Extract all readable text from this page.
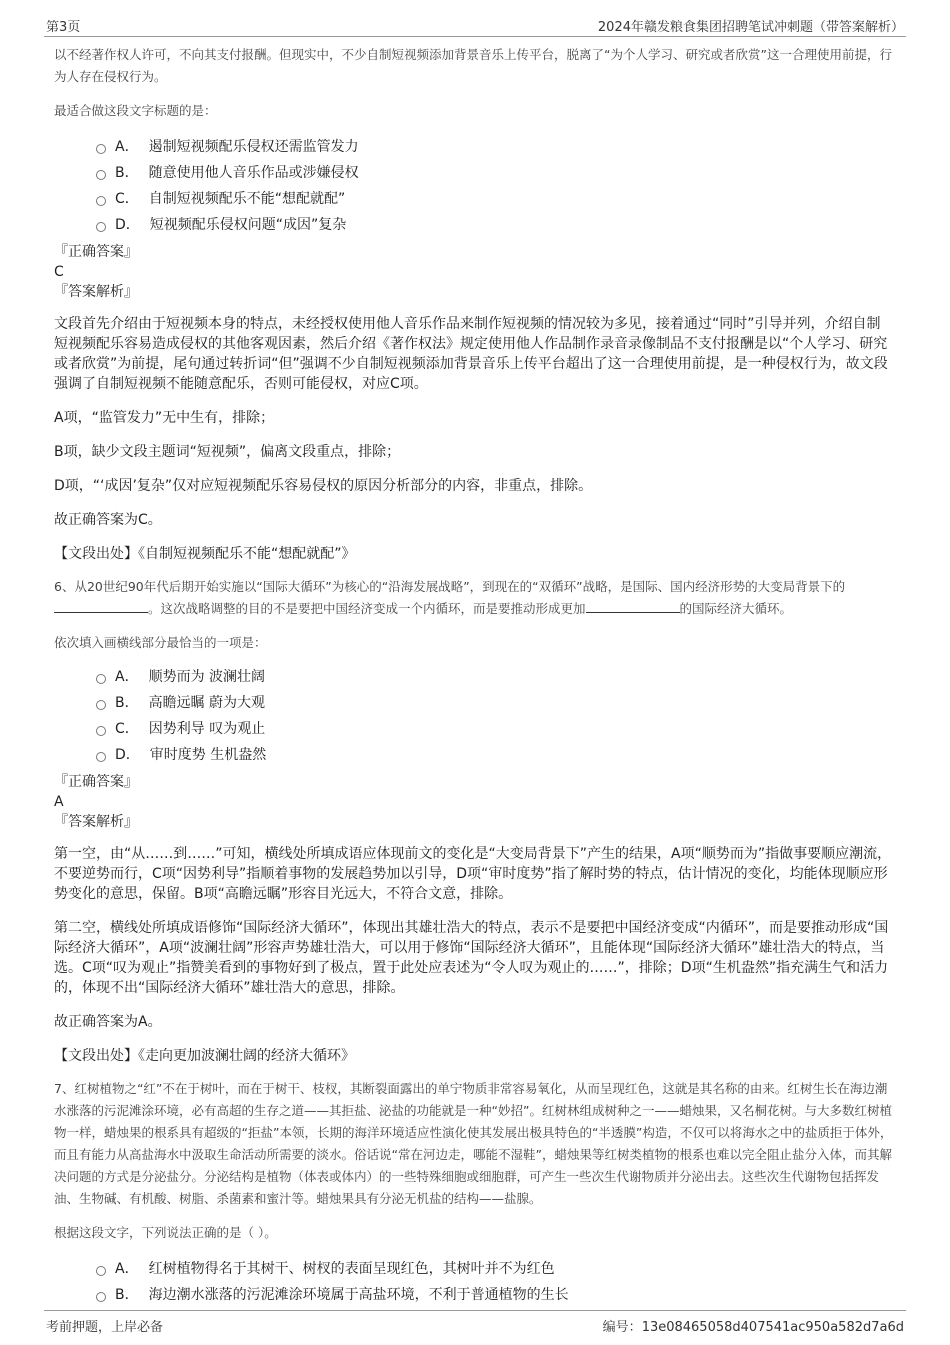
第3页	2024年赣发粮食集团招聘笔试冲刺题（带答案解析）

以不经著作权人许可，不向其支付报酬。但现实中，不少自制短视频添加背景音乐上传平台，脱离了“为个人学习、研究或者欣赏”这一合理使用前提，行为人存在侵权行为。

最适合做这段文字标题的是：

A． 遏制短视频配乐侵权还需监管发力
B． 随意使用他人音乐作品或涉嫌侵权
C． 自制短视频配乐不能“想配就配”
D． 短视频配乐侵权问题“成因”复杂

『正确答案』

C

『答案解析』

文段首先介绍由于短视频本身的特点，未经授权使用他人音乐作品来制作短视频的情况较为多见，接着通过“同时”引导并列，介绍自制短视频配乐容易造成侵权的其他客观因素，然后介绍《著作权法》规定使用他人作品制作录音录像制品不支付报酬是以“个人学习、研究或者欣赏”为前提，尾句通过转折词“但”强调不少自制短视频添加背景音乐上传平台超出了这一合理使用前提，是一种侵权行为，故文段强调了自制短视频不能随意配乐，否则可能侵权，对应C项。

A项，“监管发力”无中生有，排除；

B项，缺少文段主题词“短视频”，偏离文段重点，排除；

D项，“‘成因’复杂”仅对应短视频配乐容易侵权的原因分析部分的内容，非重点，排除。

故正确答案为C。

【文段出处】《自制短视频配乐不能“想配就配”》

6、从20世纪90年代后期开始实施以“国际大循环”为核心的“沿海发展战略”，到现在的“双循环”战略，是国际、国内经济形势的大变局背景下的。这次战略调整的目的不是要把中国经济变成一个内循环，而是要推动形成更加	的国际经济大循环。

依次填入画横线部分最恰当的一项是：

A． 顺势而为 波澜壮阔
B． 高瞻远瞩 蔚为大观
C． 因势利导 叹为观止
D． 审时度势 生机盎然

『正确答案』

A

『答案解析』

第一空，由“从……到……”可知，横线处所填成语应体现前文的变化是“大变局背景下”产生的结果，A项“顺势而为”指做事要顺应潮流，不要逆势而行，C项“因势利导”指顺着事物的发展趋势加以引导，D项“审时度势”指了解时势的特点，估计情况的变化，均能体现顺应形势变化的意思，保留。B项“高瞻远瞩”形容目光远大，不符合文意，排除。

第二空，横线处所填成语修饰“国际经济大循环”，体现出其雄壮浩大的特点，表示不是要把中国经济变成“内循环”，而是要推动形成“国际经济大循环”，A项“波澜壮阔”形容声势雄壮浩大，可以用于修饰“国际经济大循环”，且能体现“国际经济大循环”雄壮浩大的特点，当选。C项“叹为观止”指赞美看到的事物好到了极点，置于此处应表述为“令人叹为观止的……”，排除；D项“生机盎然”指充满生气和活力的，体现不出“国际经济大循环”雄壮浩大的意思，排除。

故正确答案为A。

【文段出处】《走向更加波澜壮阔的经济大循环》

7、红树植物之“红”不在于树叶，而在于树干、枝杈，其断裂面露出的单宁物质非常容易氧化，从而呈现红色，这就是其名称的由来。红树生长在海边潮水涨落的污泥滩涂环境，必有高超的生存之道——其拒盐、泌盐的功能就是一种“妙招”。红树林组成树种之一——蜡烛果，又名桐花树。与大多数红树植物一样，蜡烛果的根系具有超级的“拒盐”本领，长期的海洋环境适应性演化使其发展出极具特色的“半透膜”构造，不仅可以将海水之中的盐质拒于体外，而且有能力从高盐海水中汲取生命活动所需要的淡水。俗话说“常在河边走，哪能不湿鞋”，蜡烛果等红树类植物的根系也难以完全阻止盐分入体，而其解决问题的方式是分泌盐分。分泌结构是植物（体表或体内）的一些特殊细胞或细胞群，可产生一些次生代谢物质并分泌出去。这些次生代谢物包括挥发油、生物碱、有机酸、树脂、杀菌素和蜜汁等。蜡烛果具有分泌无机盐的结构——盐腺。

根据这段文字，下列说法正确的是（ ）。

A． 红树植物得名于其树干、树杈的表面呈现红色，其树叶并不为红色
B． 海边潮水涨落的污泥滩涂环境属于高盐环境，不利于普通植物的生长
考前押题，上岸必备	编号：13e08465058d407541ac950a582d7a6d
